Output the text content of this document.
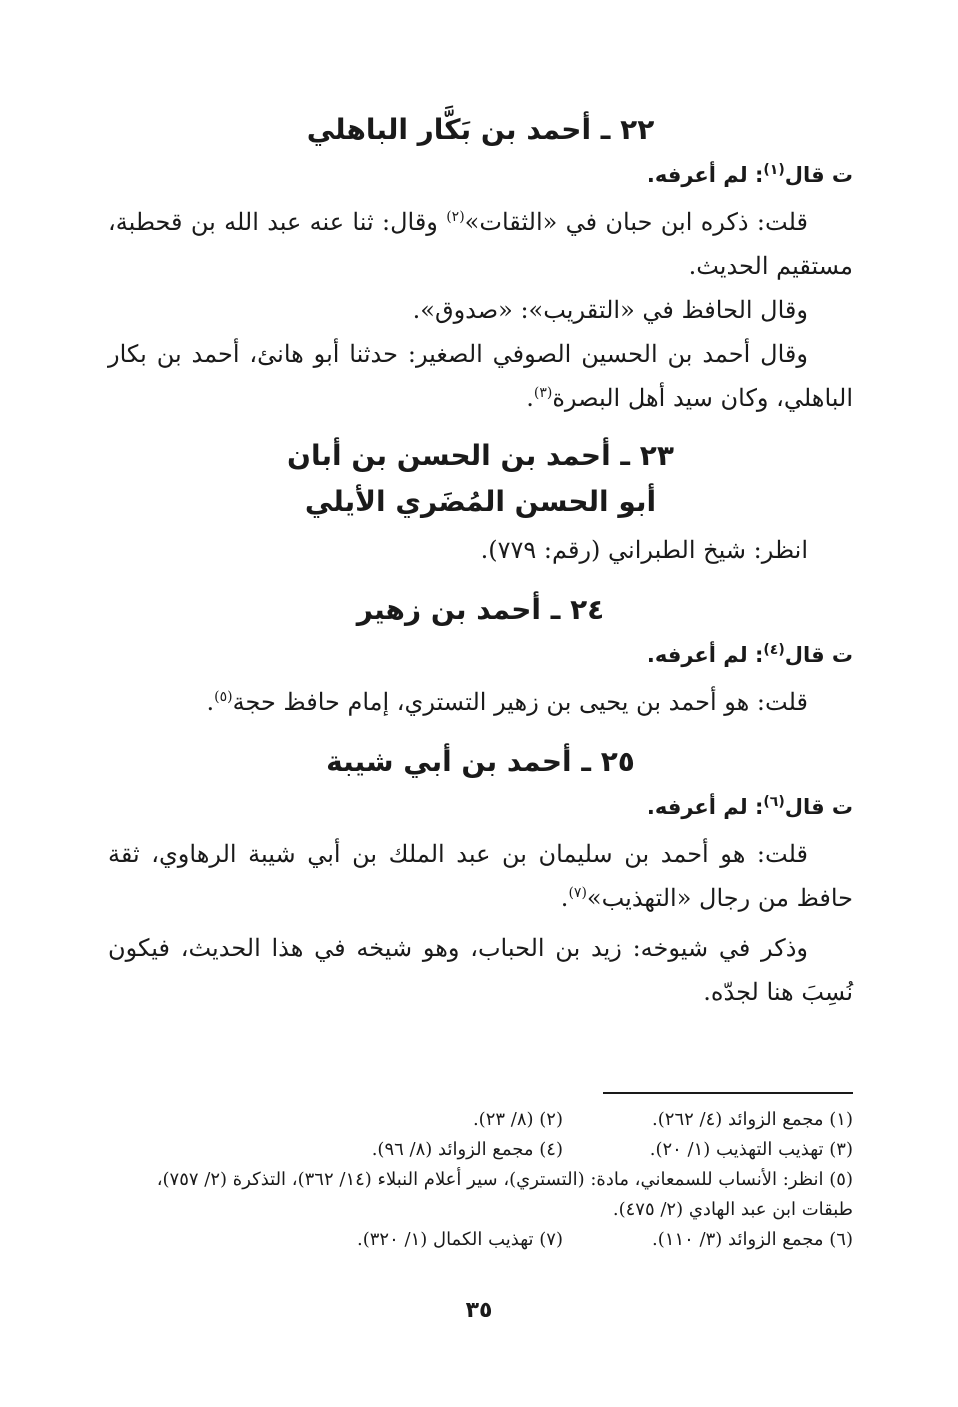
٢٢ ـ أحمد بن بَكَّار الباهلي

ت قال$^{(١)}$: لم أعرفه.

قلت: ذكره ابن حبان في «الثقات»$^{(٢)}$ وقال: ثنا عنه عبد الله بن قحطبة، مستقيم الحديث.

وقال الحافظ في «التقريب»: «صدوق».

وقال أحمد بن الحسين الصوفي الصغير: حدثنا أبو هانئ، أحمد بن بكار الباهلي، وكان سيد أهل البصرة$^{(٣)}$.

٢٣ ـ أحمد بن الحسن بن أبان
أبو الحسن المُضَري الأيلي

انظر: شيخ الطبراني (رقم: ٧٧٩).

٢٤ ـ أحمد بن زهير

ت قال$^{(٤)}$: لم أعرفه.

قلت: هو أحمد بن يحيى بن زهير التستري، إمام حافظ حجة$^{(٥)}$.

٢٥ ـ أحمد بن أبي شيبة

ت قال$^{(٦)}$: لم أعرفه.

قلت: هو أحمد بن سليمان بن عبد الملك بن أبي شيبة الرهاوي، ثقة حافظ من رجال «التهذيب»$^{(٧)}$.

وذكر في شيوخه: زيد بن الحباب، وهو شيخه في هذا الحديث، فيكون نُسِبَ هنا لجدّه.

(١) مجمع الزوائد (٤/ ٢٦٢).
(٢) (٨/ ٢٣).
(٣) تهذيب التهذيب (١/ ٢٠).
(٤) مجمع الزوائد (٨/ ٩٦).
(٥) انظر: الأنساب للسمعاني، مادة: (التستري)، سير أعلام النبلاء (١٤/ ٣٦٢)، التذكرة (٢/ ٧٥٧)، طبقات ابن عبد الهادي (٢/ ٤٧٥).
(٦) مجمع الزوائد (٣/ ١١٠).
(٧) تهذيب الكمال (١/ ٣٢٠).
٣٥
